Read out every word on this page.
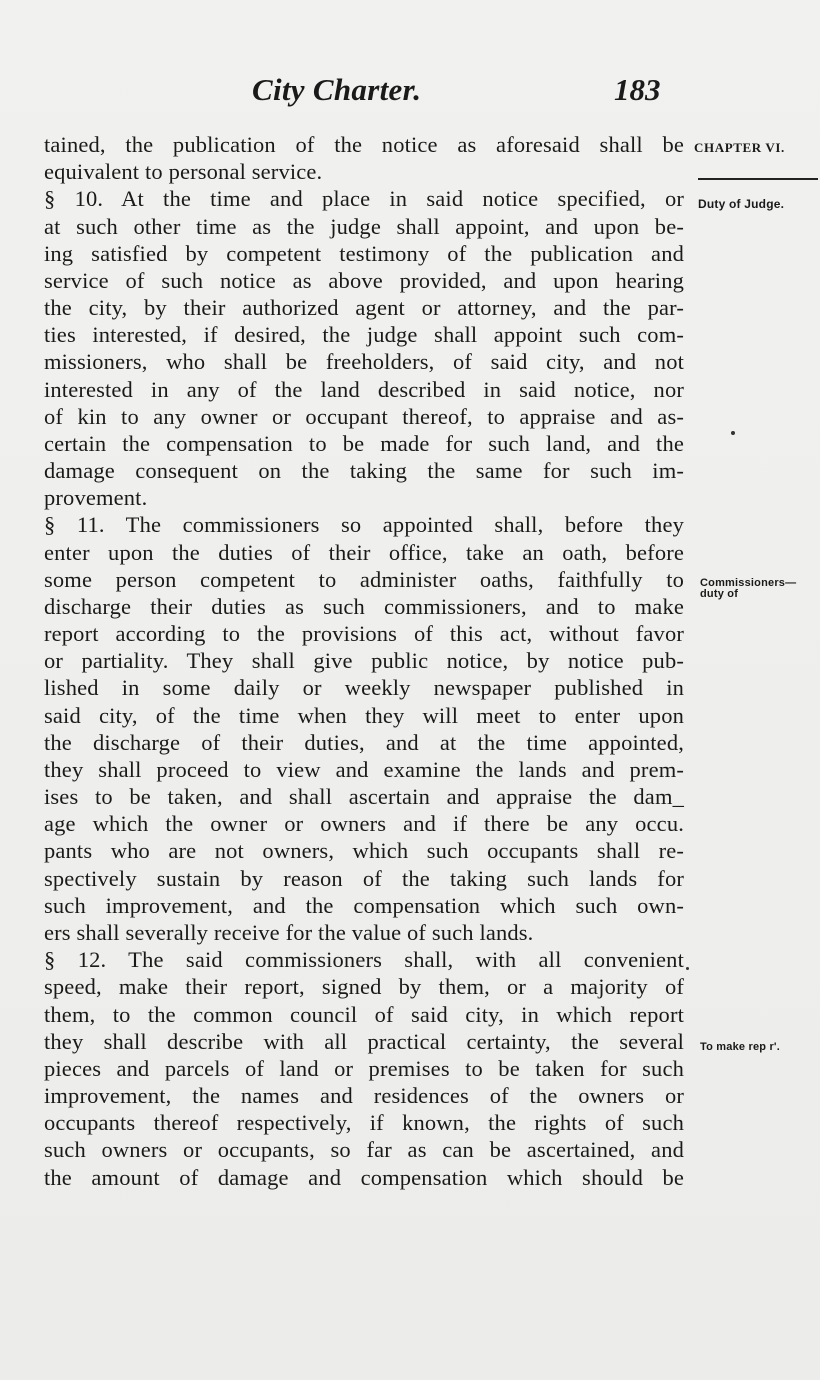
City Charter.	183
tained, the publication of the notice as aforesaid shall be
equivalent to personal service.
§ 10. At the time and place in said notice specified, or
at such other time as the judge shall appoint, and upon be-
ing satisfied by competent testimony of the publication and
service of such notice as above provided, and upon hearing
the city, by their authorized agent or attorney, and the par-
ties interested, if desired, the judge shall appoint such com-
missioners, who shall be freeholders, of said city, and not
interested in any of the land described in said notice, nor
of kin to any owner or occupant thereof, to appraise and as-
certain the compensation to be made for such land, and the
damage consequent on the taking the same for such im-
provement.
§ 11. The commissioners so appointed shall, before they
enter upon the duties of their office, take an oath, before
some person competent to administer oaths, faithfully to
discharge their duties as such commissioners, and to make
report according to the provisions of this act, without favor
or partiality. They shall give public notice, by notice pub-
lished in some daily or weekly newspaper published in
said city, of the time when they will meet to enter upon
the discharge of their duties, and at the time appointed,
they shall proceed to view and examine the lands and prem-
ises to be taken, and shall ascertain and appraise the dam_
age which the owner or owners and if there be any occu.
pants who are not owners, which such occupants shall re-
spectively sustain by reason of the taking such lands for
such improvement, and the compensation which such own-
ers shall severally receive for the value of such lands.
§ 12. The said commissioners shall, with all convenient
speed, make their report, signed by them, or a majority of
them, to the common council of said city, in which report
they shall describe with all practical certainty, the several
pieces and parcels of land or premises to be taken for such
improvement, the names and residences of the owners or
occupants thereof respectively, if known, the rights of such
such owners or occupants, so far as can be ascertained, and
the amount of damage and compensation which should be
CHAPTER VI.
Duty of Judge.
Commissioners—
duty of
To make rep r'.
